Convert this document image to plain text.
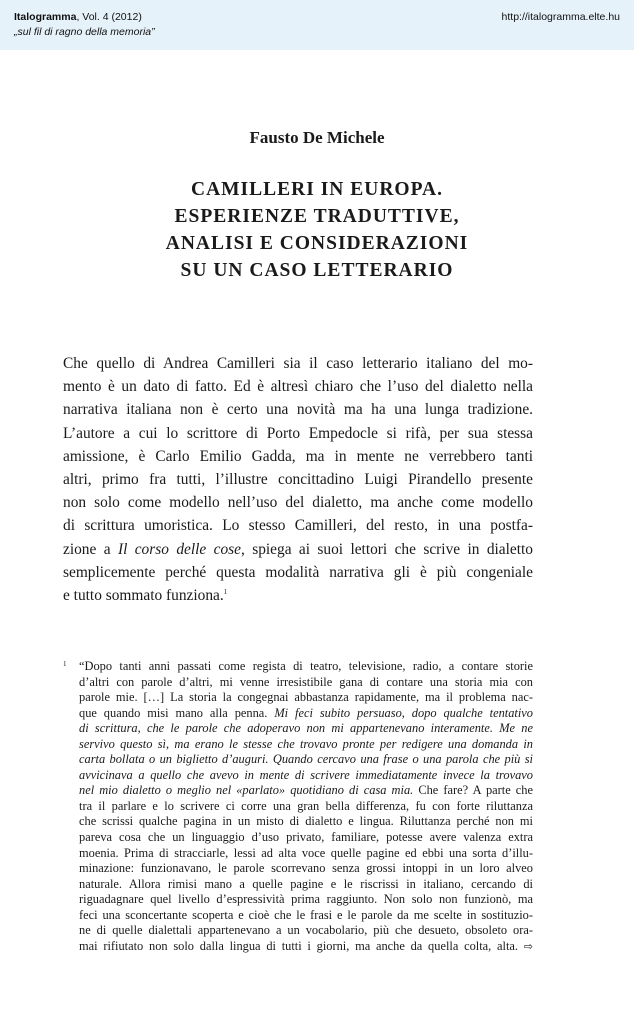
Italogramma, Vol. 4 (2012)
„sul fil di ragno della memoria”
http://italogramma.elte.hu
Fausto De Michele
CAMILLERI IN EUROPA.
ESPERIENZE TRADUTTIVE,
ANALISI E CONSIDERAZIONI
SU UN CASO LETTERARIO
Che quello di Andrea Camilleri sia il caso letterario italiano del mo-
mento è un dato di fatto. Ed è altresì chiaro che l’uso del dialetto nella
narrativa italiana non è certo una novità ma ha una lunga tradizione.
L’autore a cui lo scrittore di Porto Empedocle si rifà, per sua stessa
amissione, è Carlo Emilio Gadda, ma in mente ne verrebbero tanti
altri, primo fra tutti, l’illustre concittadino Luigi Pirandello presente
non solo come modello nell’uso del dialetto, ma anche come modello
di scrittura umoristica. Lo stesso Camilleri, del resto, in una postfa-
zione a Il corso delle cose, spiega ai suoi lettori che scrive in dialetto
semplicemente perché questa modalità narrativa gli è più congeniale
e tutto sommato funziona.$^1$
1 “Dopo tanti anni passati come regista di teatro, televisione, radio, a contare storie
d’altri con parole d’altri, mi venne irresistibile gana di contare una storia mia con
parole mie. […] La storia la congegnai abbastanza rapidamente, ma il problema nac-
que quando misi mano alla penna. Mi feci subito persuaso, dopo qualche tentativo
di scrittura, che le parole che adoperavo non mi appartenevano interamente. Me ne
servivo questo sì, ma erano le stesse che trovavo pronte per redigere una domanda in
carta bollata o un biglietto d’auguri. Quando cercavo una frase o una parola che più si
avvicinava a quello che avevo in mente di scrivere immediatamente invece la trovavo
nel mio dialetto o meglio nel «parlato» quotidiano di casa mia. Che fare? A parte che
tra il parlare e lo scrivere ci corre una gran bella differenza, fu con forte riluttanza
che scrissi qualche pagina in un misto di dialetto e lingua. Riluttanza perché non mi
pareva cosa che un linguaggio d’uso privato, familiare, potesse avere valenza extra
moenia. Prima di stracciarle, lessi ad alta voce quelle pagine ed ebbi una sorta d’illu-
minazione: funzionavano, le parole scorrevano senza grossi intoppi in un loro alveo
naturale. Allora rimisi mano a quelle pagine e le riscrissi in italiano, cercando di
riguadagnare quel livello d’espressività prima raggiunto. Non solo non funzionò, ma
feci una sconcertante scoperta e cioè che le frasi e le parole da me scelte in sostituzio-
ne di quelle dialettali appartenevano a un vocabolario, più che desueto, obsoleto ora-
mai rifiutato non solo dalla lingua di tutti i giorni, ma anche da quella colta, alta. ⇨
